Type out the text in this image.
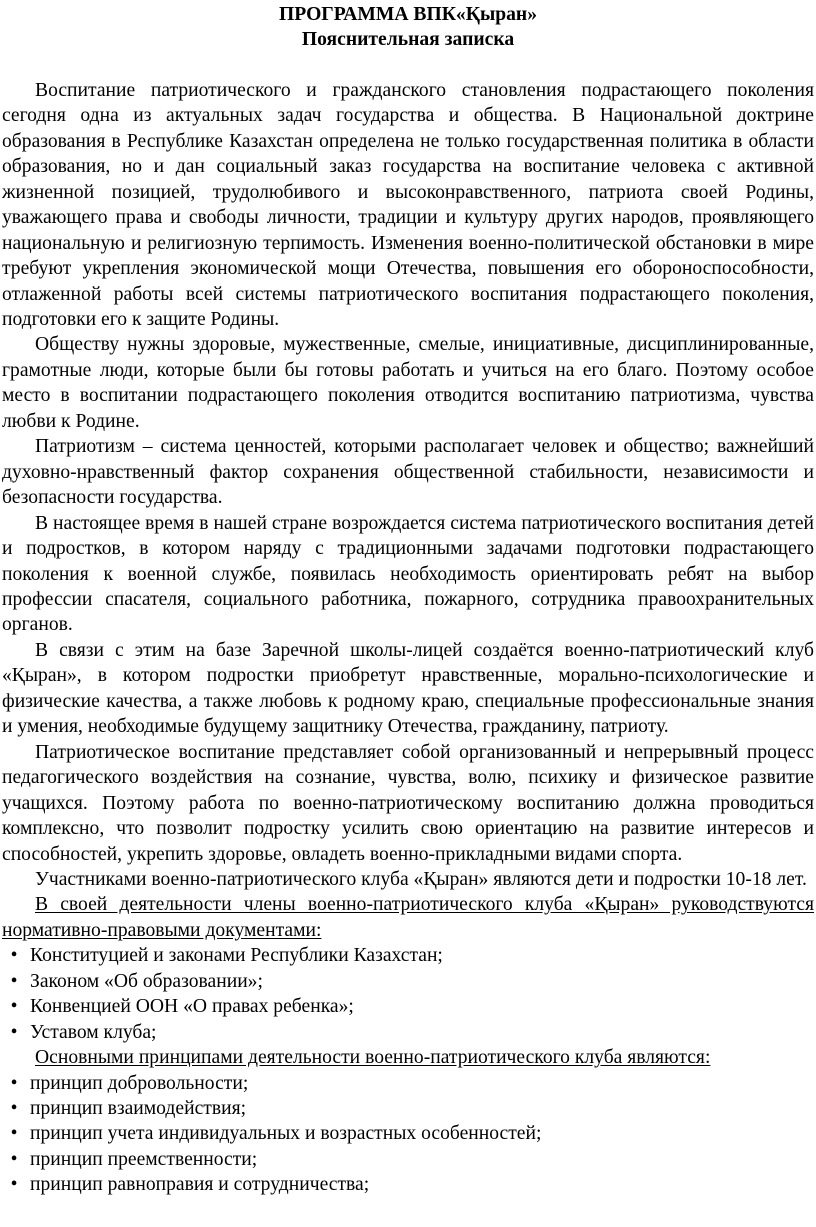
ПРОГРАММА ВПК«Қыран»

Пояснительная записка

Воспитание патриотического и гражданского становления подрастающего поколения сегодня одна из актуальных задач государства и общества. В Национальной доктрине образования в Республике Казахстан определена не только государственная политика в области образования, но и дан социальный заказ государства на воспитание человека с активной жизненной позицией, трудолюбивого и высоконравственного, патриота своей Родины, уважающего права и свободы личности, традиции и культуру других народов, проявляющего национальную и религиозную терпимость. Изменения военно-политической обстановки в мире требуют укрепления экономической мощи Отечества, повышения его обороноспособности, отлаженной работы всей системы патриотического воспитания подрастающего поколения, подготовки его к защите Родины.

Обществу нужны здоровые, мужественные, смелые, инициативные, дисциплинированные, грамотные люди, которые были бы готовы работать и учиться на его благо. Поэтому особое место в воспитании подрастающего поколения отводится воспитанию патриотизма, чувства любви к Родине.

Патриотизм – система ценностей, которыми располагает человек и общество; важнейший духовно-нравственный фактор сохранения общественной стабильности, независимости и безопасности государства.

В настоящее время в нашей стране возрождается система патриотического воспитания детей и подростков, в котором наряду с традиционными задачами подготовки подрастающего поколения к военной службе, появилась необходимость ориентировать ребят на выбор профессии спасателя, социального работника, пожарного, сотрудника правоохранительных органов.

В связи с этим на базе Заречной школы-лицей создаётся военно-патриотический клуб «Қыран», в котором подростки приобретут нравственные, морально-психологические и физические качества, а также любовь к родному краю, специальные профессиональные знания и умения, необходимые будущему защитнику Отечества, гражданину, патриоту.

Патриотическое воспитание представляет собой организованный и непрерывный процесс педагогического воздействия на сознание, чувства, волю, психику и физическое развитие учащихся. Поэтому работа по военно-патриотическому воспитанию должна проводиться комплексно, что позволит подростку усилить свою ориентацию на развитие интересов и способностей, укрепить здоровье, овладеть военно-прикладными видами спорта.

Участниками военно-патриотического клуба «Қыран» являются дети и подростки 10-18 лет.

В своей деятельности члены военно-патриотического клуба «Қыран» руководствуются нормативно-правовыми документами:

• Конституцией и законами Республики Казахстан;
• Законом «Об образовании»;
• Конвенцией ООН «О правах ребенка»;
• Уставом клуба;

Основными принципами деятельности военно-патриотического клуба являются:

• принцип добровольности;
• принцип взаимодействия;
• принцип учета индивидуальных и возрастных особенностей;
• принцип преемственности;
• принцип равноправия и сотрудничества;
